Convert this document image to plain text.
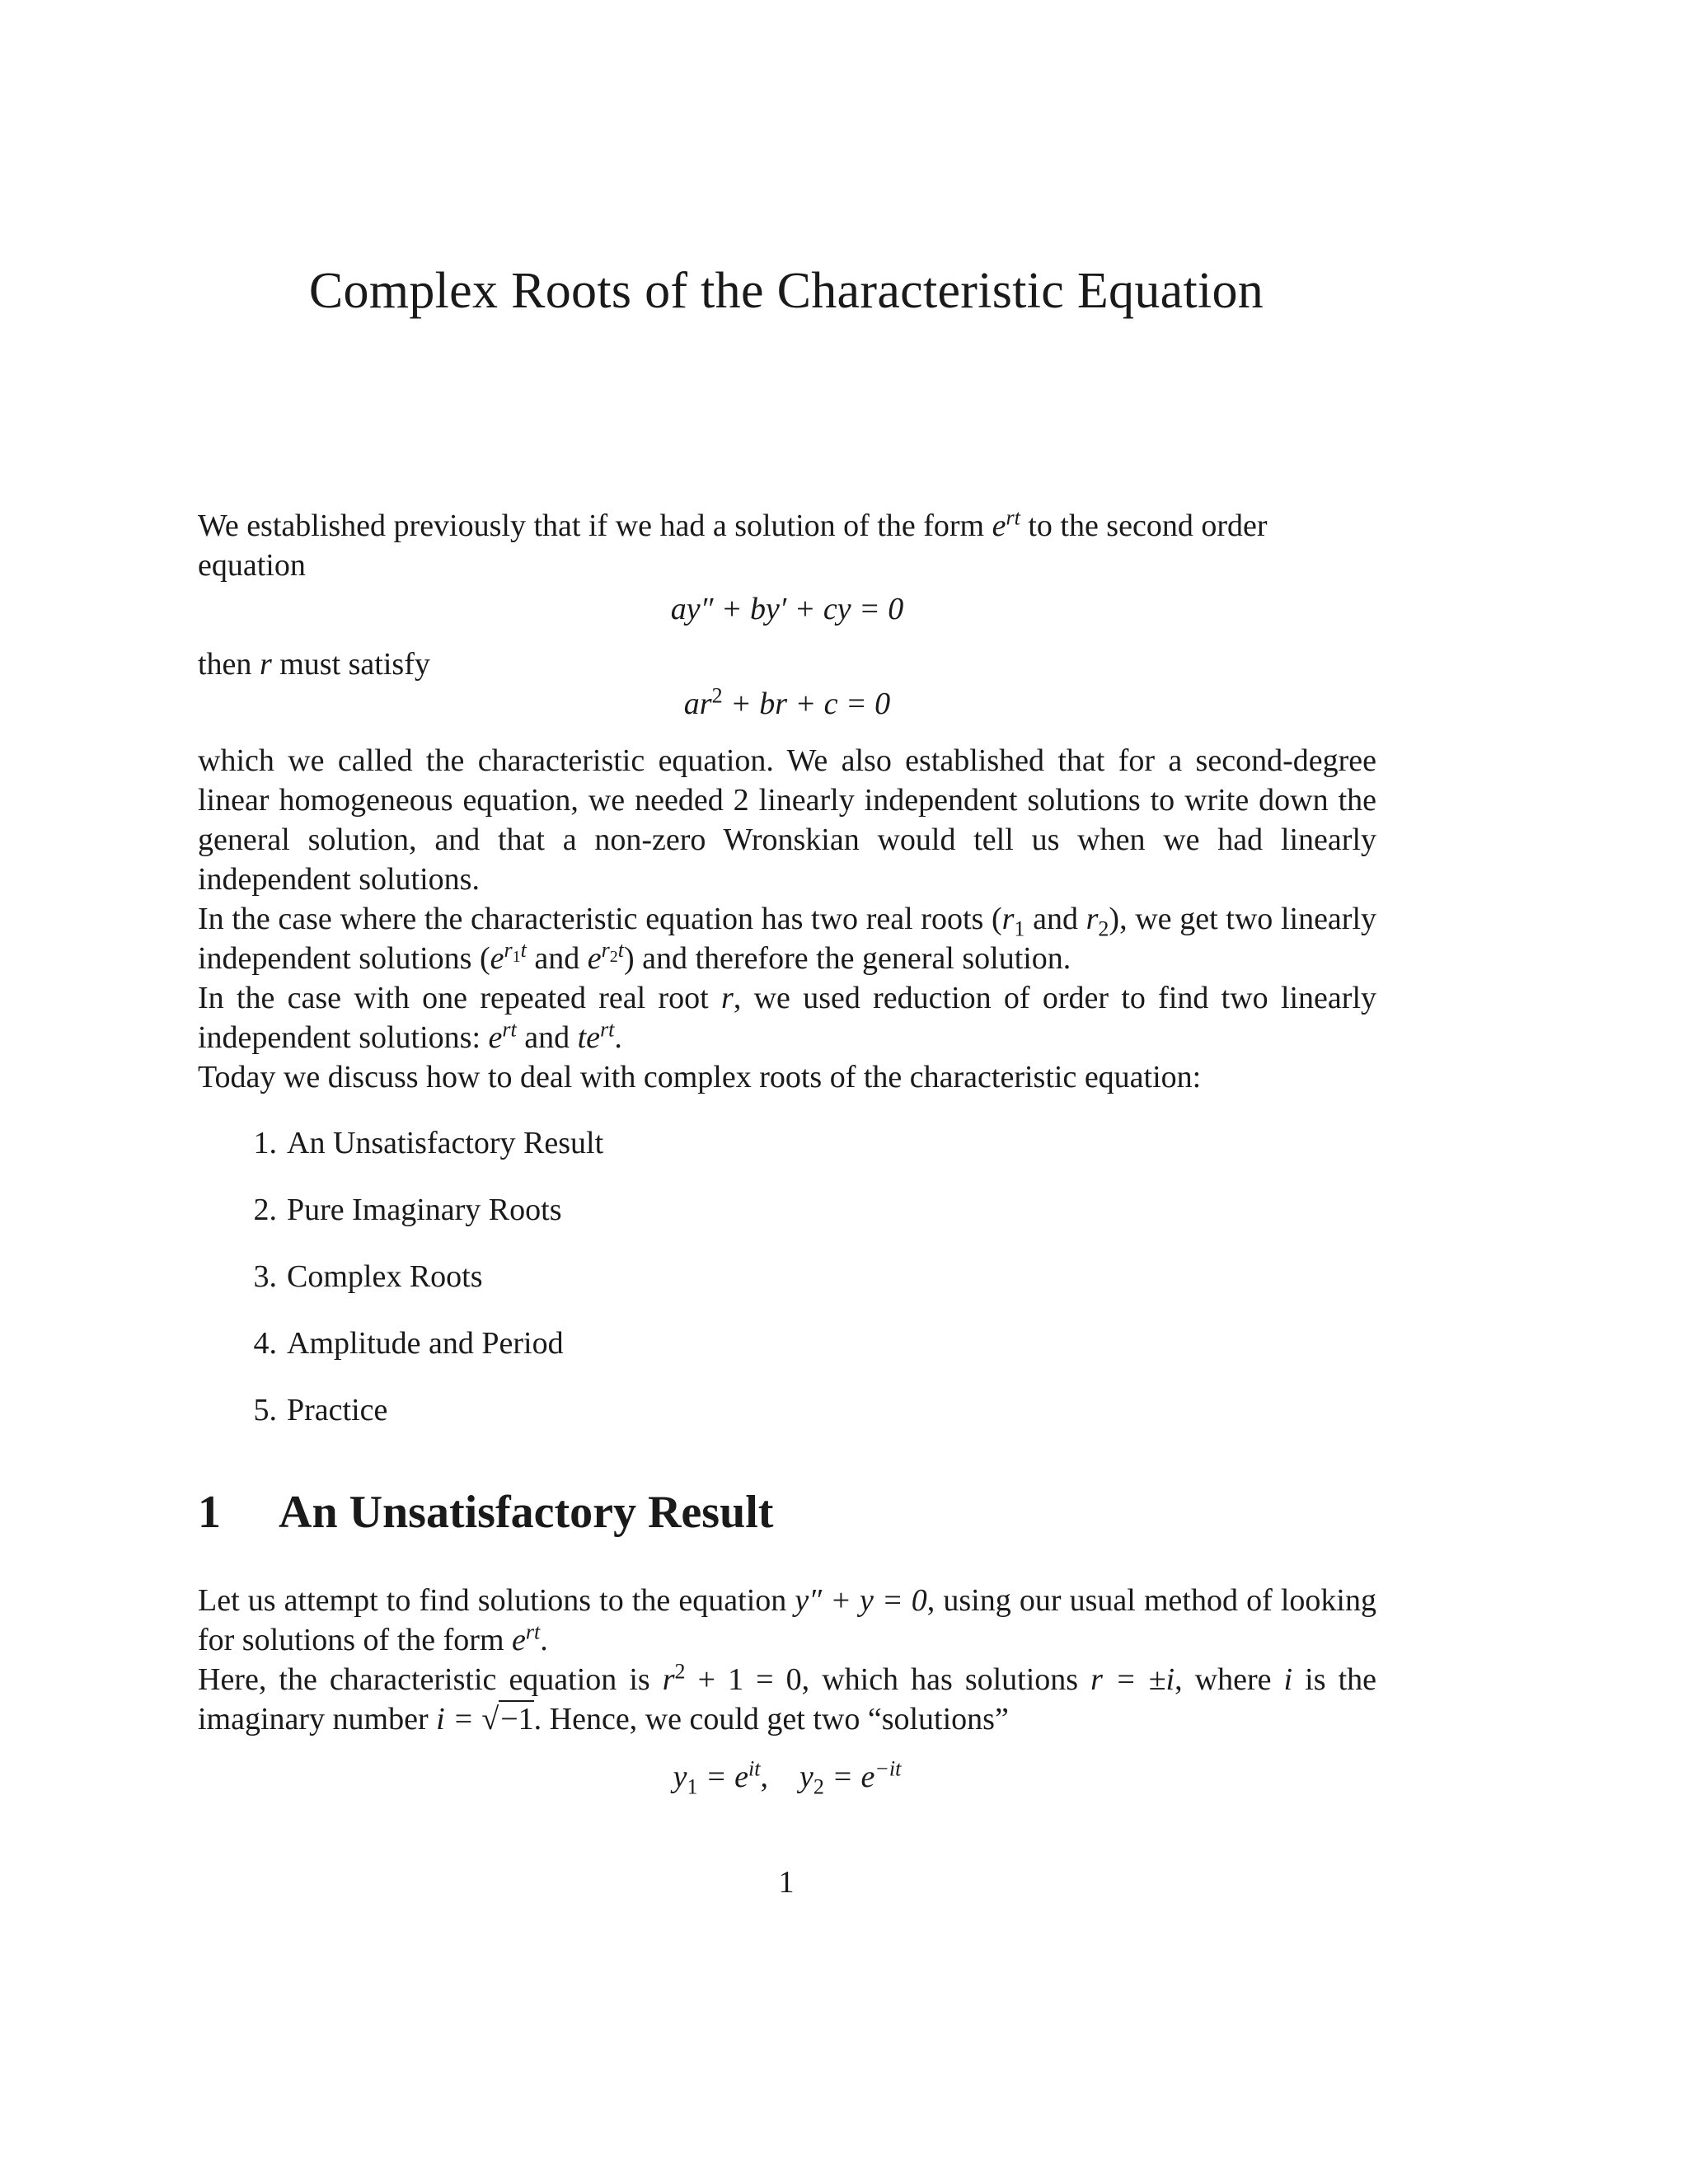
Complex Roots of the Characteristic Equation

We established previously that if we had a solution of the form $e^{rt}$ to the second order equation

ay″ + by′ + cy = 0

then r must satisfy

$ar^2$ + br + c = 0

which we called the characteristic equation. We also established that for a second-degree linear homogeneous equation, we needed 2 linearly independent solutions to write down the general solution, and that a non-zero Wronskian would tell us when we had linearly independent solutions.

In the case where the characteristic equation has two real roots ($r_1$ and $r_2$), we get two linearly independent solutions ($e^{r_1t}$ and $e^{r_2t}$) and therefore the general solution.

In the case with one repeated real root r, we used reduction of order to find two linearly independent solutions: $e^{rt}$ and $te^{rt}$.

Today we discuss how to deal with complex roots of the characteristic equation:

1. An Unsatisfactory Result
2. Pure Imaginary Roots
3. Complex Roots
4. Amplitude and Period
5. Practice
1 An Unsatisfactory Result

Let us attempt to find solutions to the equation y″ + y = 0, using our usual method of looking for solutions of the form $e^{rt}$.

Here, the characteristic equation is $r^2 + 1 = 0$, which has solutions r = ±i, where i is the imaginary number i = √−1. Hence, we could get two “solutions”

$y_1 = e^{it}$, $y_2 = e^{-it}$
1
